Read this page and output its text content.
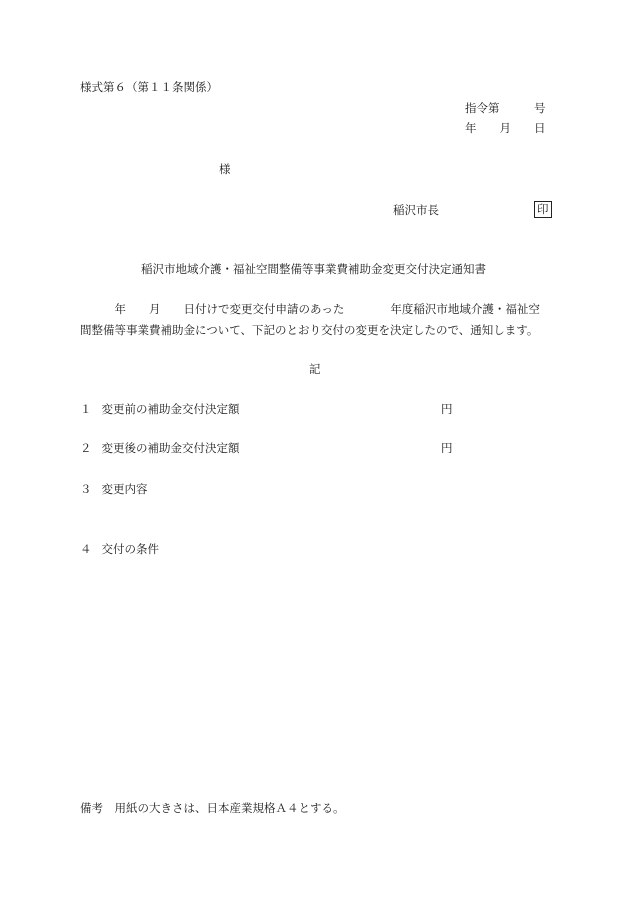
様式第６（第１１条関係）
指令第　　　号
年　　月　　日
様
稲沢市長	印
稲沢市地域介護・福祉空間整備等事業費補助金変更交付決定通知書
　　　年　　月　　日付けで変更交付申請のあった　　　　年度稲沢市地域介護・福祉空間整備等事業費補助金について、下記のとおり交付の変更を決定したので、通知します。
記
１ 変更前の補助金交付決定額	円
２ 変更後の補助金交付決定額	円
３ 変更内容
４ 交付の条件
備考　用紙の大きさは、日本産業規格Ａ４とする。
